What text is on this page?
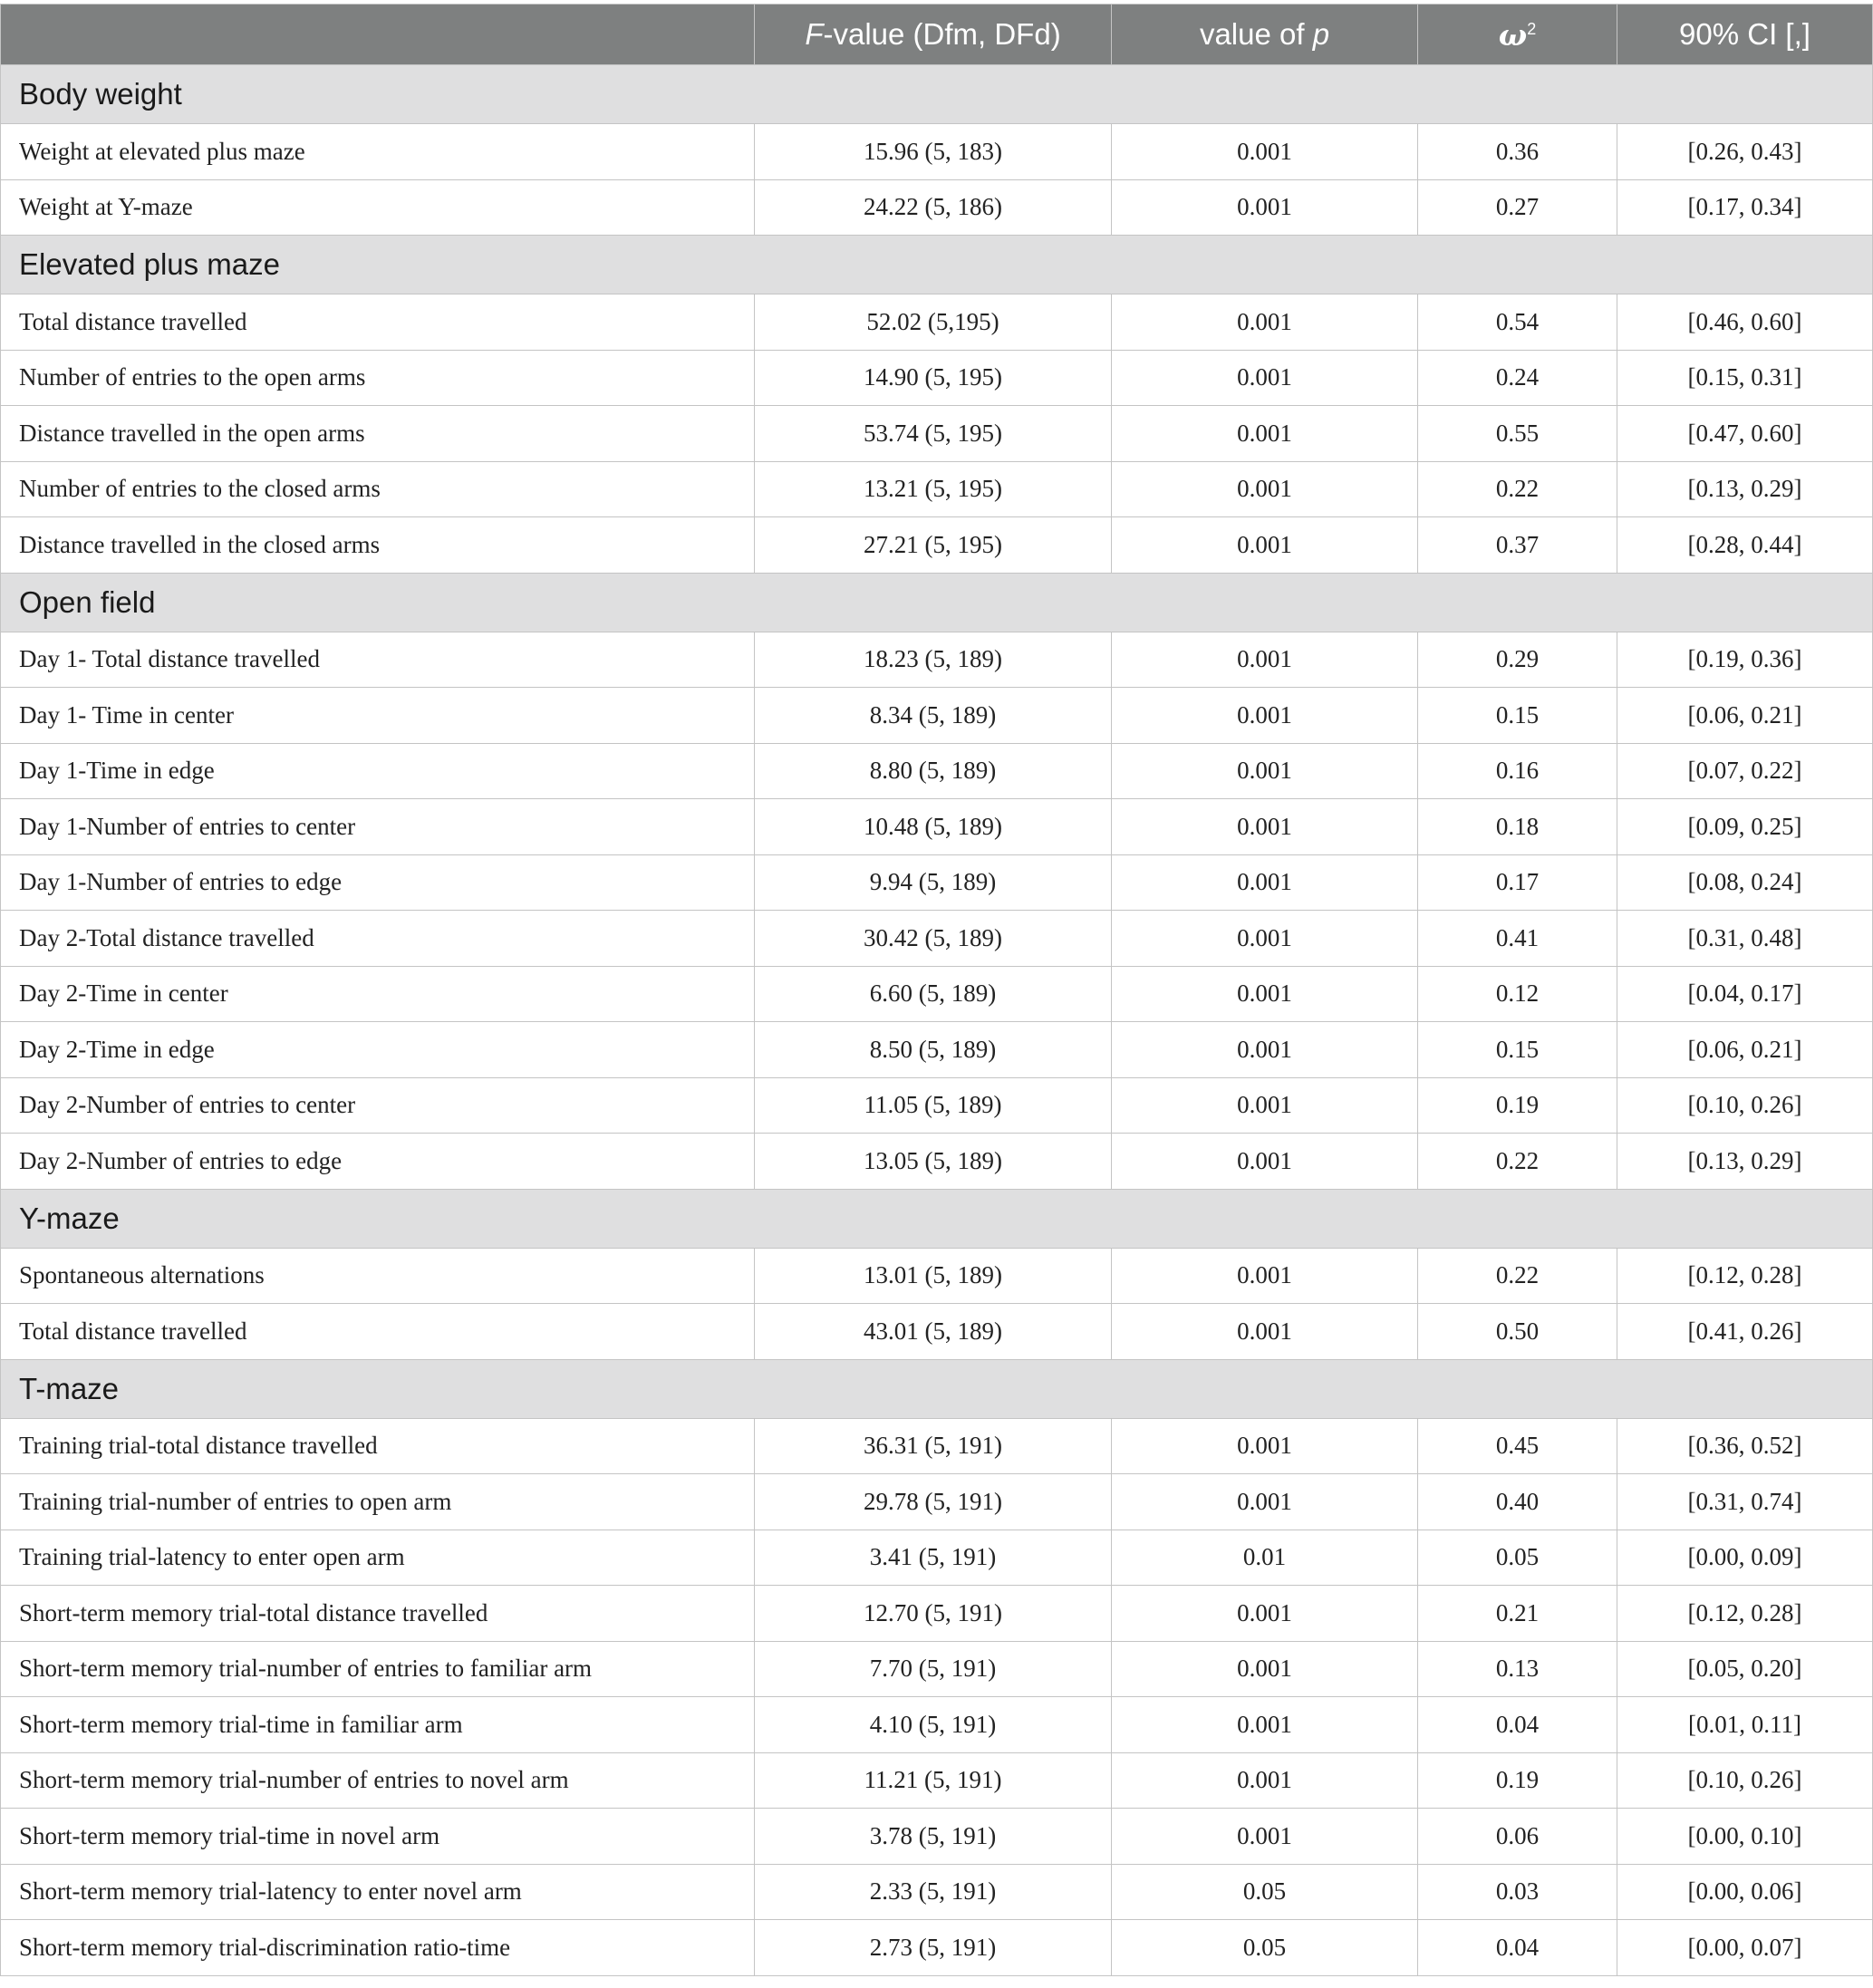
	F-value (Dfm, DFd)	value of p	$\omega^2$	90% CI [,]
Body weight				
Weight at elevated plus maze	15.96 (5, 183)	0.001	0.36	[0.26, 0.43]
Weight at Y-maze	24.22 (5, 186)	0.001	0.27	[0.17, 0.34]
Elevated plus maze				
Total distance travelled	52.02 (5,195)	0.001	0.54	[0.46, 0.60]
Number of entries to the open arms	14.90 (5, 195)	0.001	0.24	[0.15, 0.31]
Distance travelled in the open arms	53.74 (5, 195)	0.001	0.55	[0.47, 0.60]
Number of entries to the closed arms	13.21 (5, 195)	0.001	0.22	[0.13, 0.29]
Distance travelled in the closed arms	27.21 (5, 195)	0.001	0.37	[0.28, 0.44]
Open field				
Day 1- Total distance travelled	18.23 (5, 189)	0.001	0.29	[0.19, 0.36]
Day 1- Time in center	8.34 (5, 189)	0.001	0.15	[0.06, 0.21]
Day 1-Time in edge	8.80 (5, 189)	0.001	0.16	[0.07, 0.22]
Day 1-Number of entries to center	10.48 (5, 189)	0.001	0.18	[0.09, 0.25]
Day 1-Number of entries to edge	9.94 (5, 189)	0.001	0.17	[0.08, 0.24]
Day 2-Total distance travelled	30.42 (5, 189)	0.001	0.41	[0.31, 0.48]
Day 2-Time in center	6.60 (5, 189)	0.001	0.12	[0.04, 0.17]
Day 2-Time in edge	8.50 (5, 189)	0.001	0.15	[0.06, 0.21]
Day 2-Number of entries to center	11.05 (5, 189)	0.001	0.19	[0.10, 0.26]
Day 2-Number of entries to edge	13.05 (5, 189)	0.001	0.22	[0.13, 0.29]
Y-maze				
Spontaneous alternations	13.01 (5, 189)	0.001	0.22	[0.12, 0.28]
Total distance travelled	43.01 (5, 189)	0.001	0.50	[0.41, 0.26]
T-maze				
Training trial-total distance travelled	36.31 (5, 191)	0.001	0.45	[0.36, 0.52]
Training trial-number of entries to open arm	29.78 (5, 191)	0.001	0.40	[0.31, 0.74]
Training trial-latency to enter open arm	3.41 (5, 191)	0.01	0.05	[0.00, 0.09]
Short-term memory trial-total distance travelled	12.70 (5, 191)	0.001	0.21	[0.12, 0.28]
Short-term memory trial-number of entries to familiar arm	7.70 (5, 191)	0.001	0.13	[0.05, 0.20]
Short-term memory trial-time in familiar arm	4.10 (5, 191)	0.001	0.04	[0.01, 0.11]
Short-term memory trial-number of entries to novel arm	11.21 (5, 191)	0.001	0.19	[0.10, 0.26]
Short-term memory trial-time in novel arm	3.78 (5, 191)	0.001	0.06	[0.00, 0.10]
Short-term memory trial-latency to enter novel arm	2.33 (5, 191)	0.05	0.03	[0.00, 0.06]
Short-term memory trial-discrimination ratio-time	2.73 (5, 191)	0.05	0.04	[0.00, 0.07]
